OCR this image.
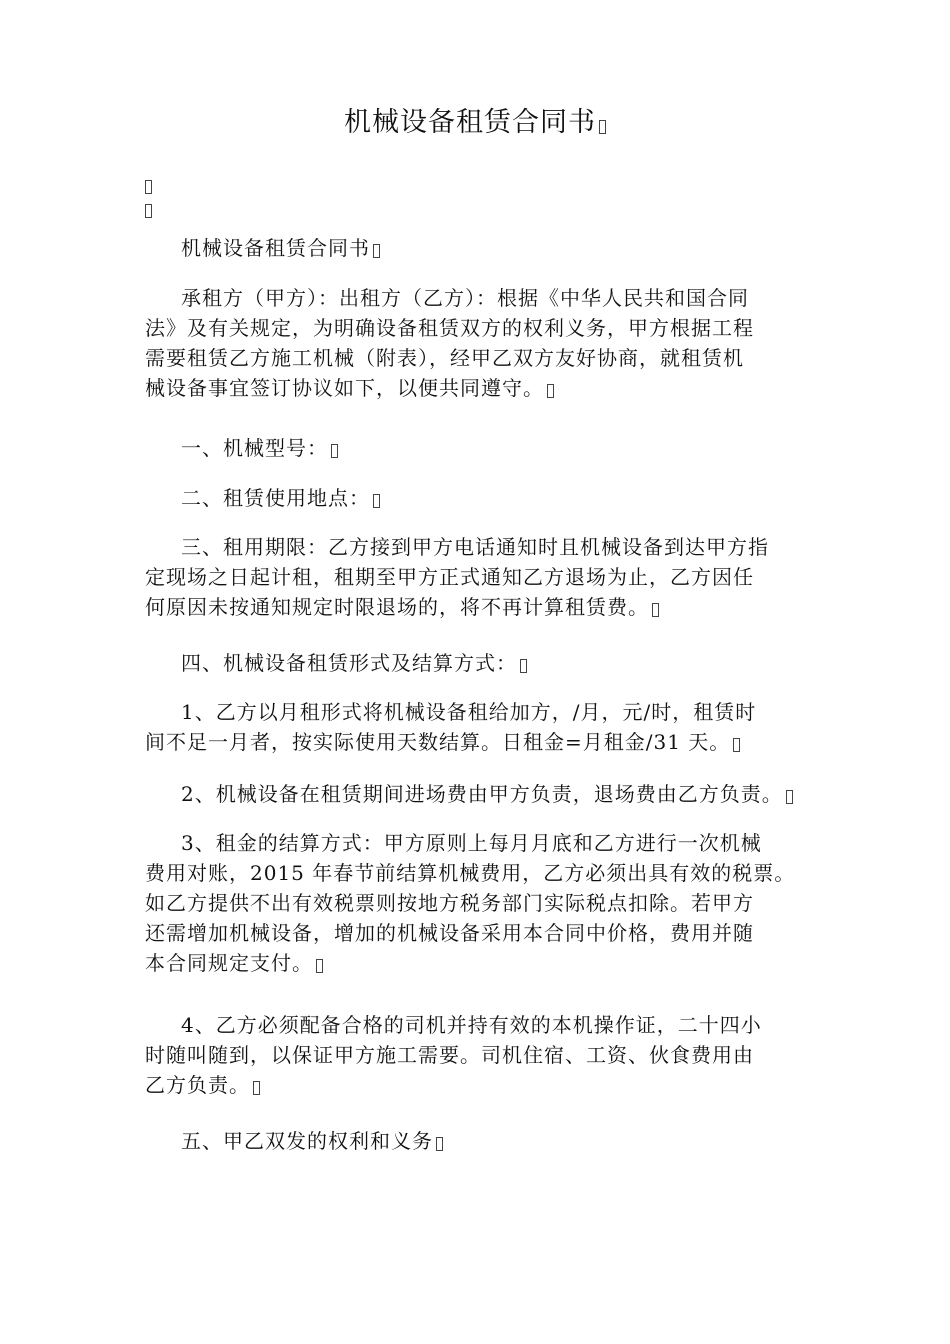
机械设备租赁合同书
机械设备租赁合同书
承租方（甲方）：出租方（乙方）：根据《中华人民共和国合同
法》及有关规定，为明确设备租赁双方的权利义务，甲方根据工程
需要租赁乙方施工机械（附表），经甲乙双方友好协商，就租赁机
械设备事宜签订协议如下，以便共同遵守。
一、机械型号：
二、租赁使用地点：
三、租用期限：乙方接到甲方电话通知时且机械设备到达甲方指
定现场之日起计租，租期至甲方正式通知乙方退场为止，乙方因任
何原因未按通知规定时限退场的，将不再计算租赁费。
四、机械设备租赁形式及结算方式：
1、乙方以月租形式将机械设备租给加方，/月，元/时，租赁时
间不足一月者，按实际使用天数结算。日租金=月租金/31 天。
2、机械设备在租赁期间进场费由甲方负责，退场费由乙方负责。
3、租金的结算方式：甲方原则上每月月底和乙方进行一次机械
费用对账，2015 年春节前结算机械费用，乙方必须出具有效的税票。
如乙方提供不出有效税票则按地方税务部门实际税点扣除。若甲方
还需增加机械设备，增加的机械设备采用本合同中价格，费用并随
本合同规定支付。
4、乙方必须配备合格的司机并持有效的本机操作证，二十四小
时随叫随到，以保证甲方施工需要。司机住宿、工资、伙食费用由
乙方负责。
五、甲乙双发的权利和义务
